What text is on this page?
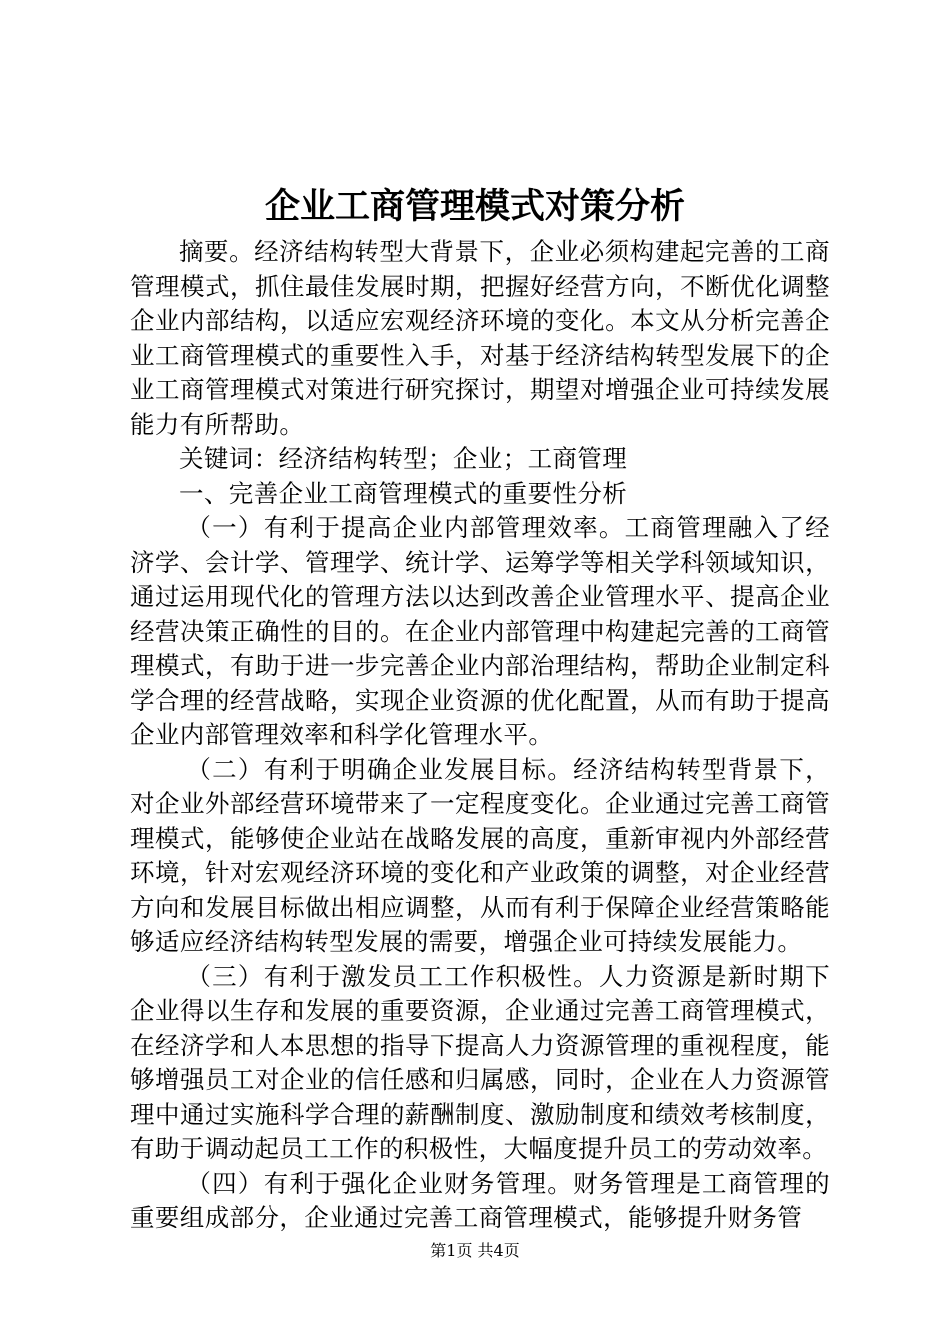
企业工商管理模式对策分析

摘要。经济结构转型大背景下，企业必须构建起完善的工商管理模式，抓住最佳发展时期，把握好经营方向，不断优化调整企业内部结构，以适应宏观经济环境的变化。本文从分析完善企业工商管理模式的重要性入手，对基于经济结构转型发展下的企业工商管理模式对策进行研究探讨，期望对增强企业可持续发展能力有所帮助。

关键词：经济结构转型；企业；工商管理

一、完善企业工商管理模式的重要性分析

（一）有利于提高企业内部管理效率。工商管理融入了经济学、会计学、管理学、统计学、运筹学等相关学科领域知识，通过运用现代化的管理方法以达到改善企业管理水平、提高企业经营决策正确性的目的。在企业内部管理中构建起完善的工商管理模式，有助于进一步完善企业内部治理结构，帮助企业制定科学合理的经营战略，实现企业资源的优化配置，从而有助于提高企业内部管理效率和科学化管理水平。

（二）有利于明确企业发展目标。经济结构转型背景下，对企业外部经营环境带来了一定程度变化。企业通过完善工商管理模式，能够使企业站在战略发展的高度，重新审视内外部经营环境，针对宏观经济环境的变化和产业政策的调整，对企业经营方向和发展目标做出相应调整，从而有利于保障企业经营策略能够适应经济结构转型发展的需要，增强企业可持续发展能力。

（三）有利于激发员工工作积极性。人力资源是新时期下企业得以生存和发展的重要资源，企业通过完善工商管理模式，在经济学和人本思想的指导下提高人力资源管理的重视程度，能够增强员工对企业的信任感和归属感，同时，企业在人力资源管理中通过实施科学合理的薪酬制度、激励制度和绩效考核制度，有助于调动起员工工作的积极性，大幅度提升员工的劳动效率。

（四）有利于强化企业财务管理。财务管理是工商管理的重要组成部分，企业通过完善工商管理模式，能够提升财务管

第1页 共4页
